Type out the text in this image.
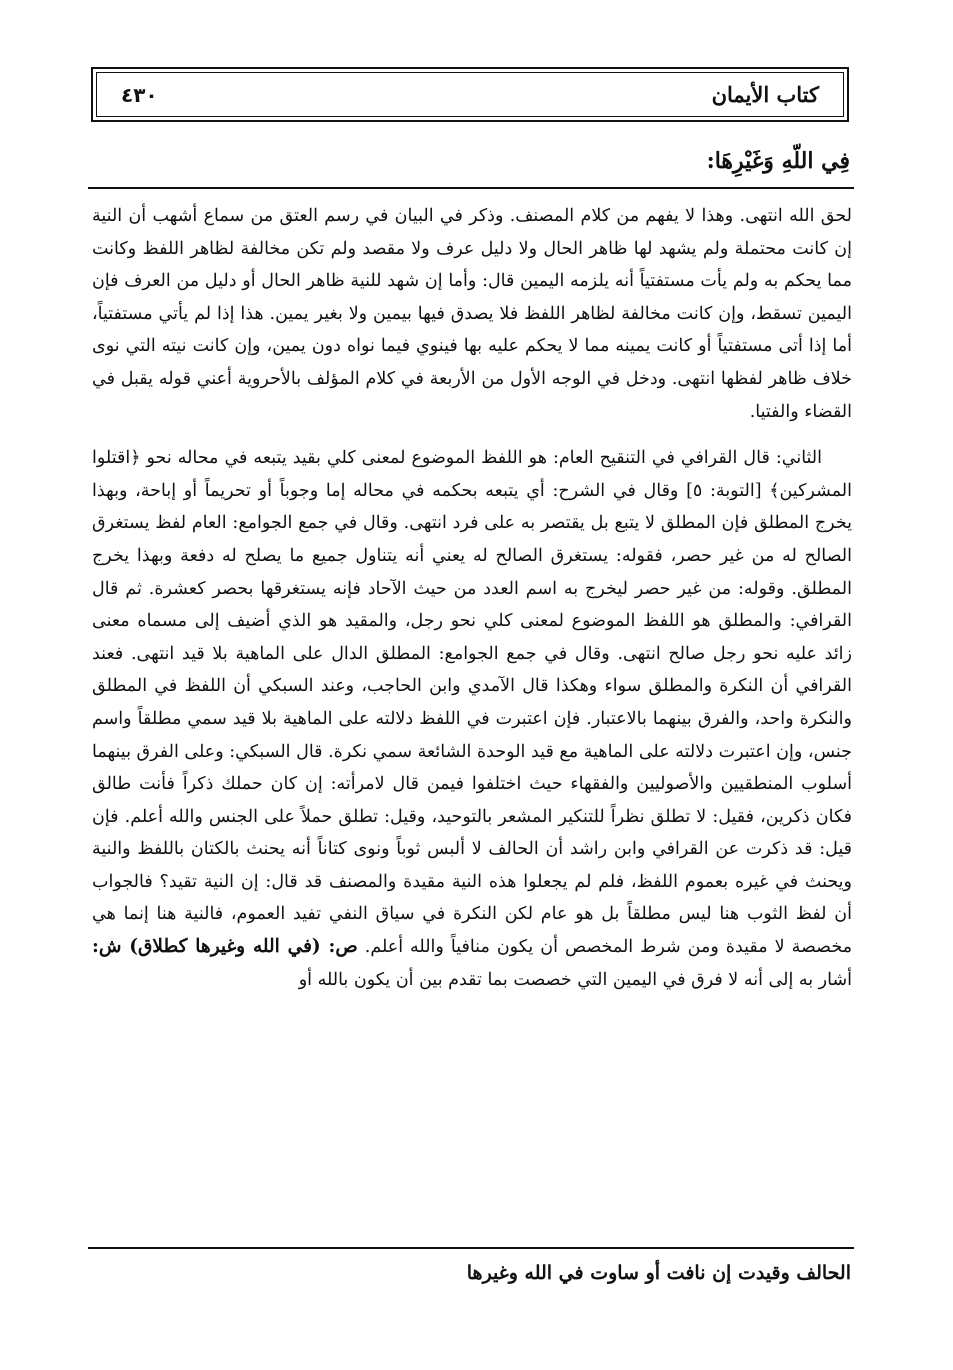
٤٣٠	كتاب الأيمان
فِي اللّهِ وَغَيْرِهَا:

لحق الله انتهى. وهذا لا يفهم من كلام المصنف. وذكر في البيان في رسم العتق من سماع أشهب أن النية إن كانت محتملة ولم يشهد لها ظاهر الحال ولا دليل عرف ولا مقصد ولم تكن مخالفة لظاهر اللفظ وكانت مما يحكم به ولم يأت مستفتياً أنه يلزمه اليمين قال: وأما إن شهد للنية ظاهر الحال أو دليل من العرف فإن اليمين تسقط، وإن كانت مخالفة لظاهر اللفظ فلا يصدق فيها بيمين ولا بغير يمين. هذا إذا لم يأتي مستفتياً، أما إذا أتى مستفتياً أو كانت يمينه مما لا يحكم عليه بها فينوي فيما نواه دون يمين، وإن كانت نيته التي نوى خلاف ظاهر لفظها انتهى. ودخل في الوجه الأول من الأربعة في كلام المؤلف بالأحروية أعني قوله يقبل في القضاء والفتيا.

الثاني: قال القرافي في التنقيح العام: هو اللفظ الموضوع لمعنى كلي بقيد يتبعه في محاله نحو ﴿اقتلوا المشركين﴾ [التوبة: ٥] وقال في الشرح: أي يتبعه بحكمه في محاله إما وجوباً أو تحريماً أو إباحة، وبهذا يخرج المطلق فإن المطلق لا يتبع بل يقتصر به على فرد انتهى. وقال في جمع الجوامع: العام لفظ يستغرق الصالح له من غير حصر، فقوله: يستغرق الصالح له يعني أنه يتناول جميع ما يصلح له دفعة وبهذا يخرج المطلق. وقوله: من غير حصر ليخرج به اسم العدد من حيث الآحاد فإنه يستغرقها بحصر كعشرة. ثم قال القرافي: والمطلق هو اللفظ الموضوع لمعنى كلي نحو رجل، والمقيد هو الذي أضيف إلى مسماه معنى زائد عليه نحو رجل صالح انتهى. وقال في جمع الجوامع: المطلق الدال على الماهية بلا قيد انتهى. فعند القرافي أن النكرة والمطلق سواء وهكذا قال الآمدي وابن الحاجب، وعند السبكي أن اللفظ في المطلق والنكرة واحد، والفرق بينهما بالاعتبار. فإن اعتبرت في اللفظ دلالته على الماهية بلا قيد سمي مطلقاً واسم جنس، وإن اعتبرت دلالته على الماهية مع قيد الوحدة الشائعة سمي نكرة. قال السبكي: وعلى الفرق بينهما أسلوب المنطقيين والأصوليين والفقهاء حيث اختلفوا فيمن قال لامرأته: إن كان حملك ذكراً فأنت طالق فكان ذكرين، فقيل: لا تطلق نظراً للتنكير المشعر بالتوحيد، وقيل: تطلق حملاً على الجنس والله أعلم. فإن قيل: قد ذكرت عن القرافي وابن راشد أن الحالف لا ألبس ثوباً ونوى كتاناً أنه يحنث بالكتان باللفظ والنية ويحنث في غيره بعموم اللفظ، فلم لم يجعلوا هذه النية مقيدة والمصنف قد قال: إن النية تقيد؟ فالجواب أن لفظ الثوب هنا ليس مطلقاً بل هو عام لكن النكرة في سياق النفي تفيد العموم، فالنية هنا إنما هي مخصصة لا مقيدة ومن شرط المخصص أن يكون منافياً والله أعلم. ص: (في الله وغيرها كطلاق) ش: أشار به إلى أنه لا فرق في اليمين التي خصصت بما تقدم بين أن يكون بالله أو

الحالف وقيدت إن نافت أو ساوت في الله وغيرها
